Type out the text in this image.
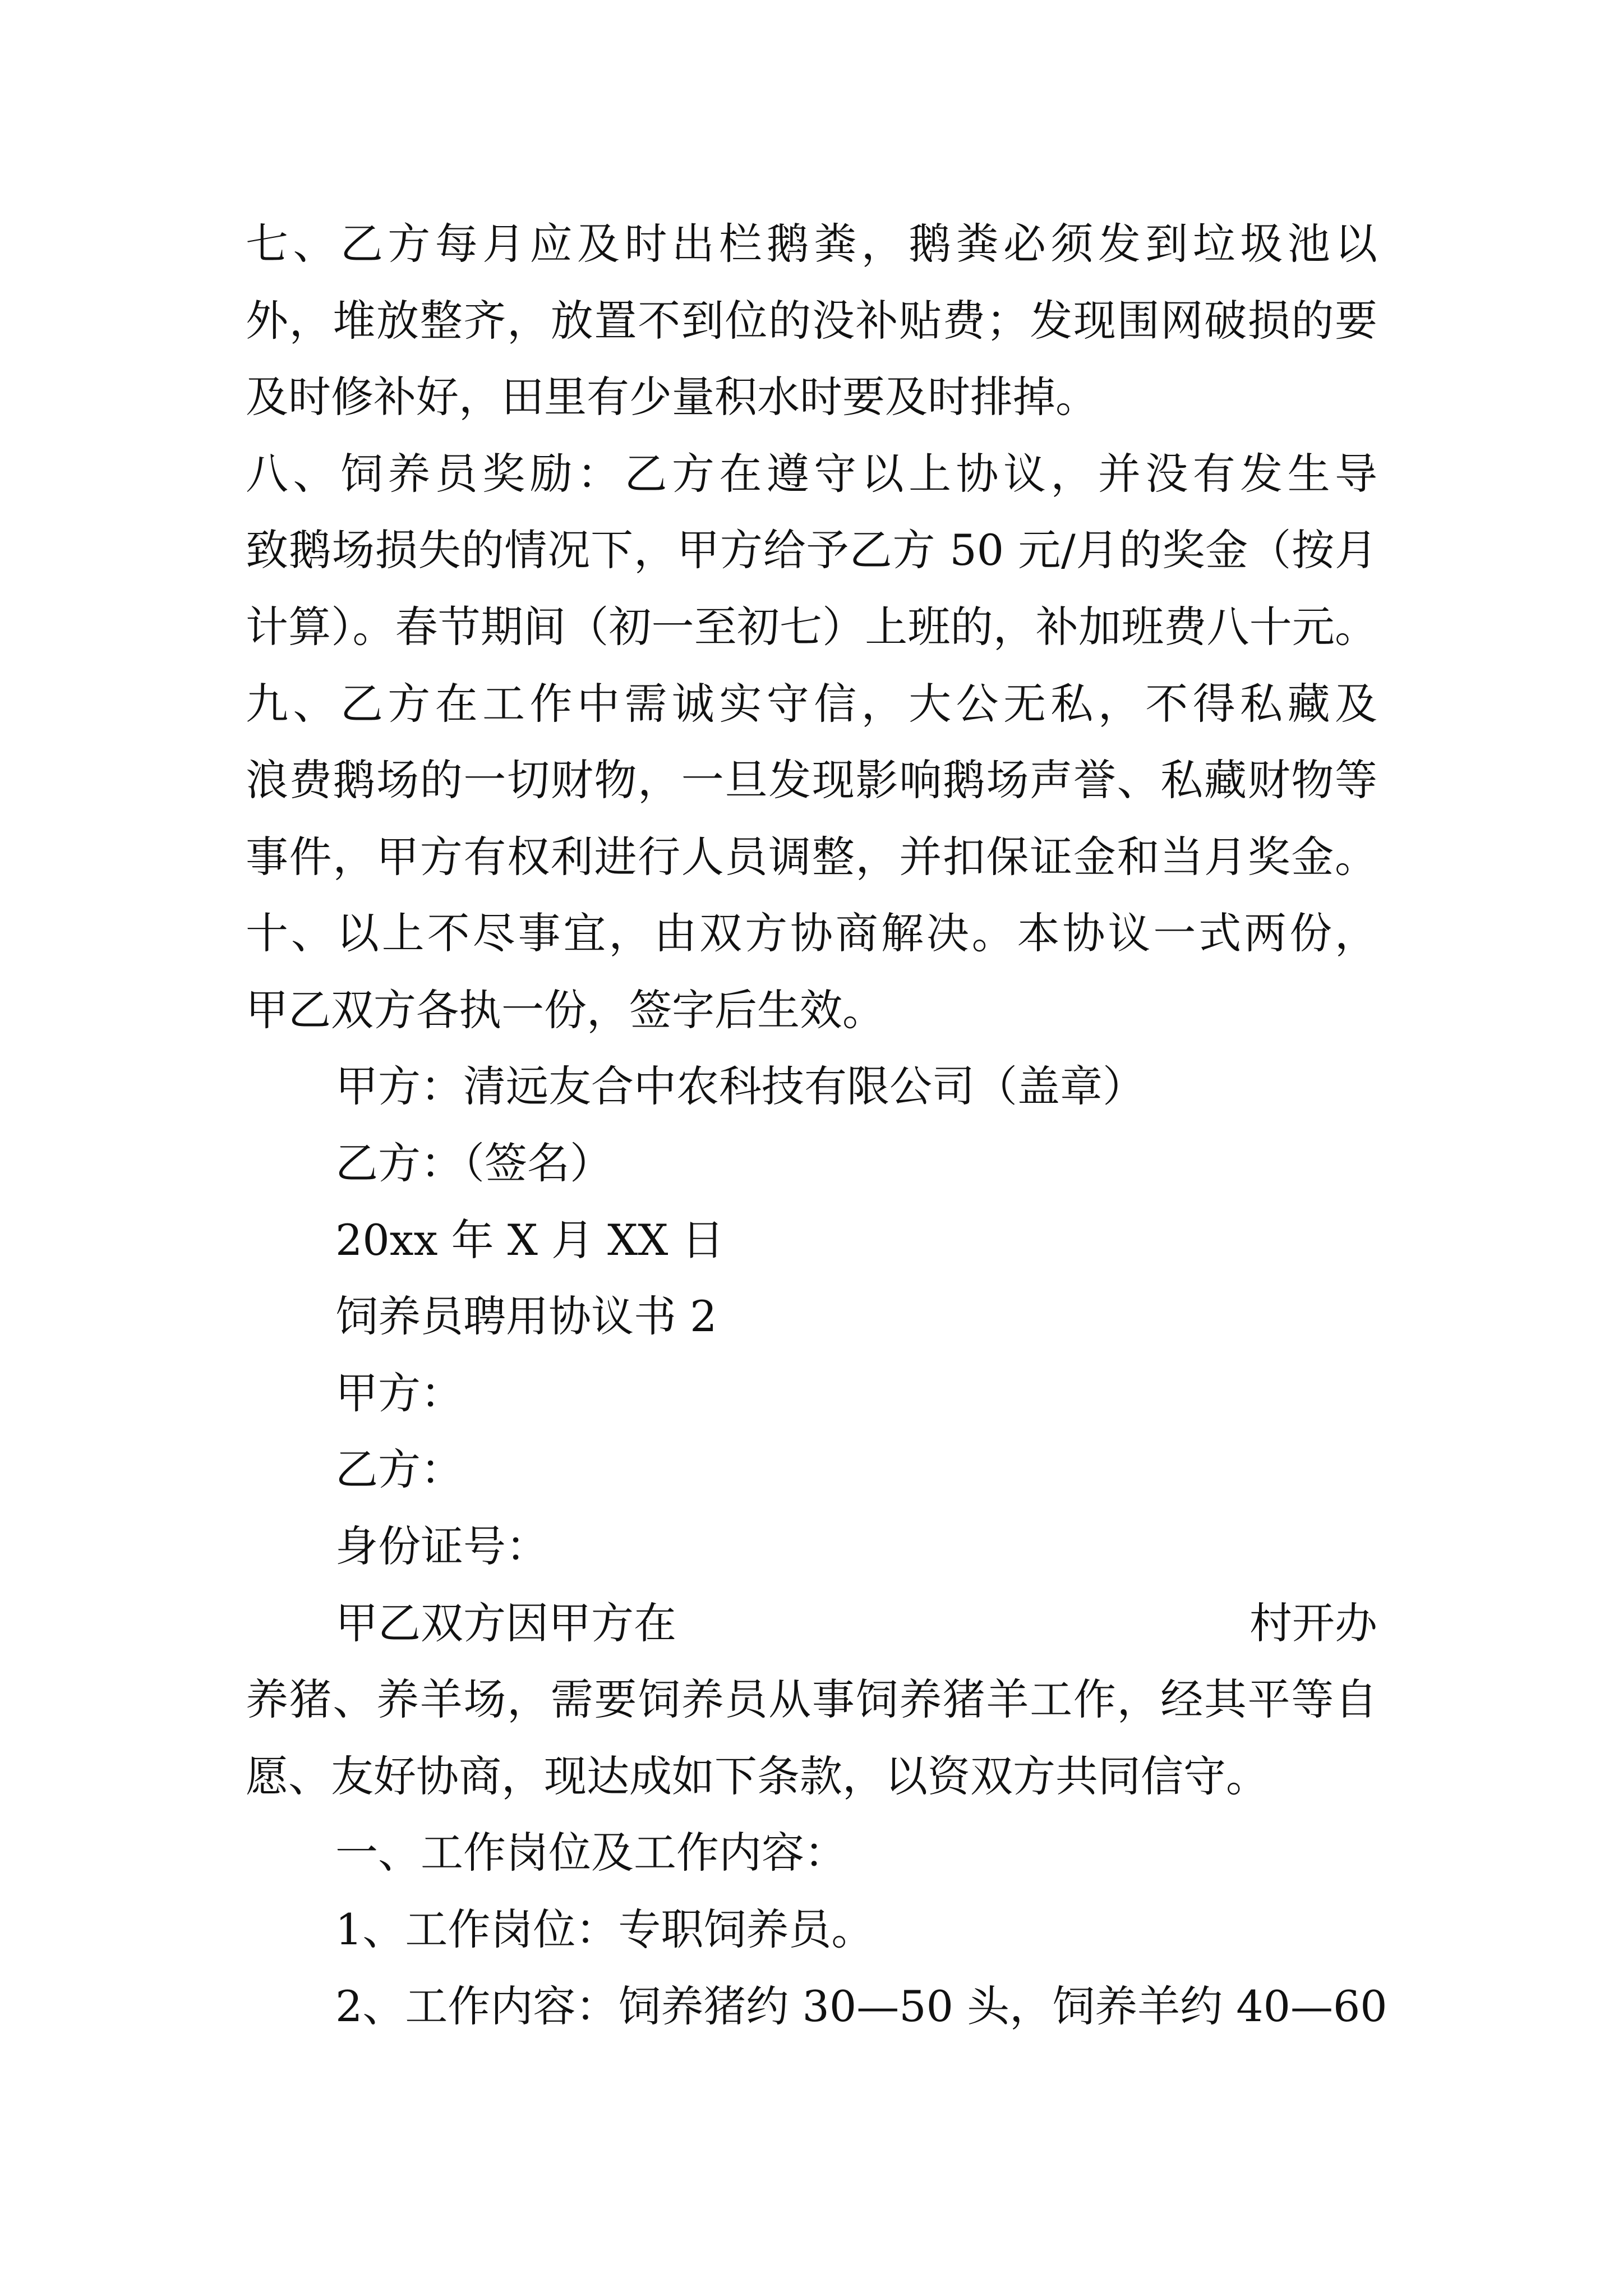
七、乙方每月应及时出栏鹅粪，鹅粪必须发到垃圾池以

外，堆放整齐，放置不到位的没补贴费；发现围网破损的要

及时修补好，田里有少量积水时要及时排掉。

八、饲养员奖励：乙方在遵守以上协议，并没有发生导

致鹅场损失的情况下，甲方给予乙方 50 元/月的奖金（按月

计算）。春节期间（初一至初七）上班的，补加班费八十元。

九、乙方在工作中需诚实守信，大公无私，不得私藏及

浪费鹅场的一切财物，一旦发现影响鹅场声誉、私藏财物等

事件，甲方有权利进行人员调整，并扣保证金和当月奖金。

十、以上不尽事宜，由双方协商解决。本协议一式两份，

甲乙双方各执一份，签字后生效。

甲方：清远友合中农科技有限公司（盖章）

乙方：（签名）

20xx 年 X 月 XX 日

饲养员聘用协议书 2

甲方：

乙方：

身份证号：

甲乙双方因甲方在	村开办

养猪、养羊场，需要饲养员从事饲养猪羊工作，经其平等自

愿、友好协商，现达成如下条款，以资双方共同信守。

一、工作岗位及工作内容：

1、工作岗位：专职饲养员。

2、工作内容：饲养猪约 30—50 头，饲养羊约 40—60
